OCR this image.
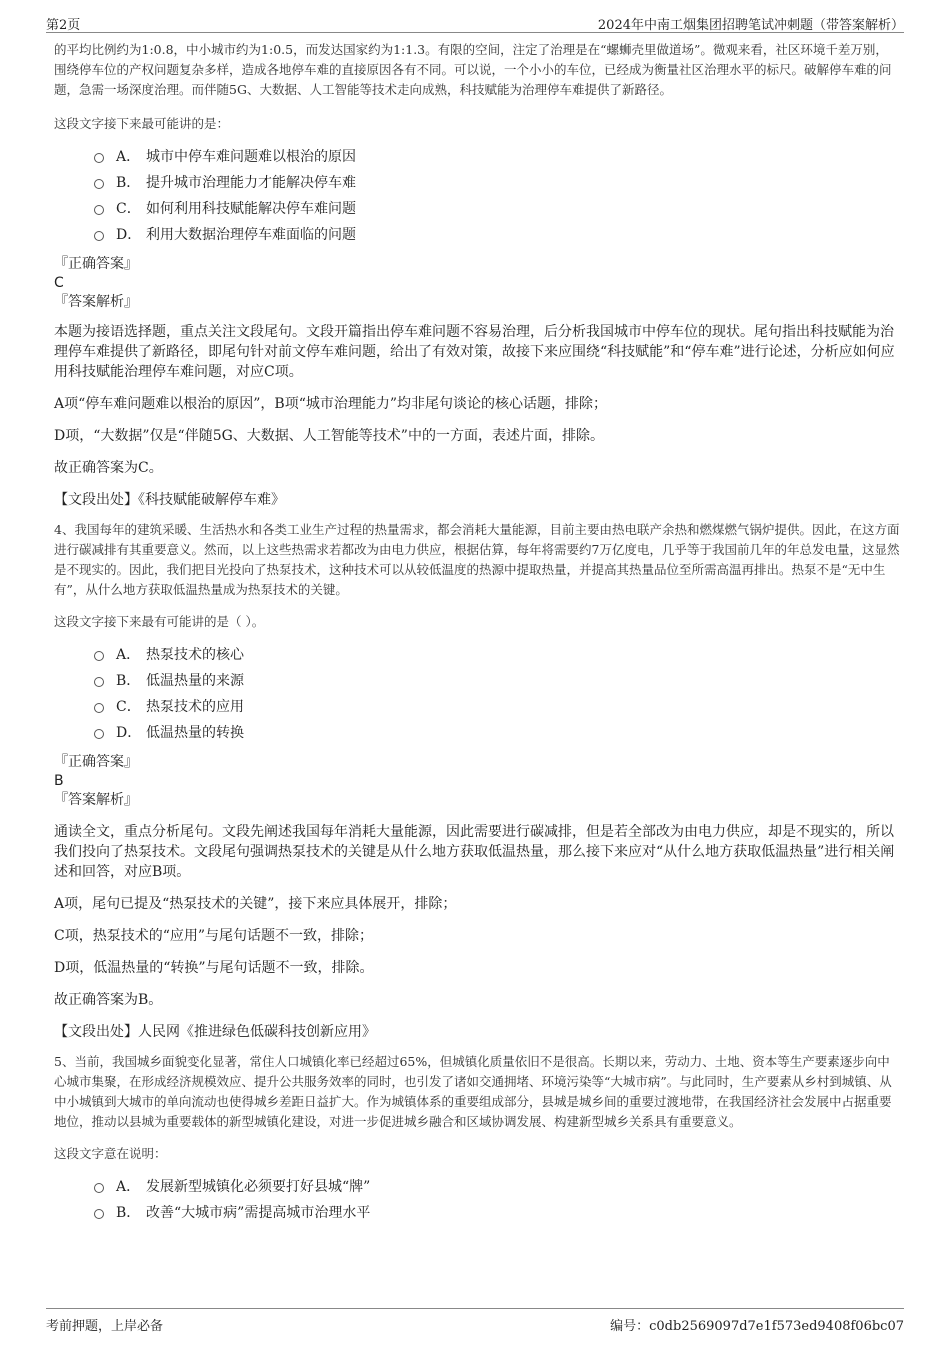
第2页	2024年中南工烟集团招聘笔试冲刺题（带答案解析）

的平均比例约为1:0.8，中小城市约为1:0.5，而发达国家约为1:1.3。有限的空间，注定了治理是在“螺蛳壳里做道场”。微观来看，社区环境千差万别，围绕停车位的产权问题复杂多样，造成各地停车难的直接原因各有不同。可以说，一个小小的车位，已经成为衡量社区治理水平的标尺。破解停车难的问题，急需一场深度治理。而伴随5G、大数据、人工智能等技术走向成熟，科技赋能为治理停车难提供了新路径。

这段文字接下来最可能讲的是：

A． 城市中停车难问题难以根治的原因
B． 提升城市治理能力才能解决停车难
C． 如何利用科技赋能解决停车难问题
D． 利用大数据治理停车难面临的问题

『正确答案』

C

『答案解析』

本题为接语选择题，重点关注文段尾句。文段开篇指出停车难问题不容易治理，后分析我国城市中停车位的现状。尾句指出科技赋能为治理停车难提供了新路径，即尾句针对前文停车难问题，给出了有效对策，故接下来应围绕“科技赋能”和“停车难”进行论述，分析应如何应用科技赋能治理停车难问题，对应C项。

A项“停车难问题难以根治的原因”，B项“城市治理能力”均非尾句谈论的核心话题，排除；

D项，“大数据”仅是“伴随5G、大数据、人工智能等技术”中的一方面，表述片面，排除。

故正确答案为C。

【文段出处】《科技赋能破解停车难》

4、我国每年的建筑采暖、生活热水和各类工业生产过程的热量需求，都会消耗大量能源，目前主要由热电联产余热和燃煤燃气锅炉提供。因此，在这方面进行碳减排有其重要意义。然而，以上这些热需求若都改为由电力供应，根据估算，每年将需要约7万亿度电，几乎等于我国前几年的年总发电量，这显然是不现实的。因此，我们把目光投向了热泵技术，这种技术可以从较低温度的热源中提取热量，并提高其热量品位至所需高温再排出。热泵不是“无中生有”，从什么地方获取低温热量成为热泵技术的关键。

这段文字接下来最有可能讲的是（ ）。

A． 热泵技术的核心
B． 低温热量的来源
C． 热泵技术的应用
D． 低温热量的转换

『正确答案』

B

『答案解析』

通读全文，重点分析尾句。文段先阐述我国每年消耗大量能源，因此需要进行碳减排，但是若全部改为由电力供应，却是不现实的，所以我们投向了热泵技术。文段尾句强调热泵技术的关键是从什么地方获取低温热量，那么接下来应对“从什么地方获取低温热量”进行相关阐述和回答，对应B项。

A项，尾句已提及“热泵技术的关键”，接下来应具体展开，排除；

C项，热泵技术的“应用”与尾句话题不一致，排除；

D项，低温热量的“转换”与尾句话题不一致，排除。

故正确答案为B。

【文段出处】人民网《推进绿色低碳科技创新应用》

5、当前，我国城乡面貌变化显著，常住人口城镇化率已经超过65%，但城镇化质量依旧不是很高。长期以来，劳动力、土地、资本等生产要素逐步向中心城市集聚，在形成经济规模效应、提升公共服务效率的同时，也引发了诸如交通拥堵、环境污染等“大城市病”。与此同时，生产要素从乡村到城镇、从中小城镇到大城市的单向流动也使得城乡差距日益扩大。作为城镇体系的重要组成部分，县城是城乡间的重要过渡地带，在我国经济社会发展中占据重要地位，推动以县城为重要载体的新型城镇化建设，对进一步促进城乡融合和区域协调发展、构建新型城乡关系具有重要意义。

这段文字意在说明：

A． 发展新型城镇化必须要打好县城“牌”
B． 改善“大城市病”需提高城市治理水平
考前押题，上岸必备	编号：c0db2569097d7e1f573ed9408f06bc07
